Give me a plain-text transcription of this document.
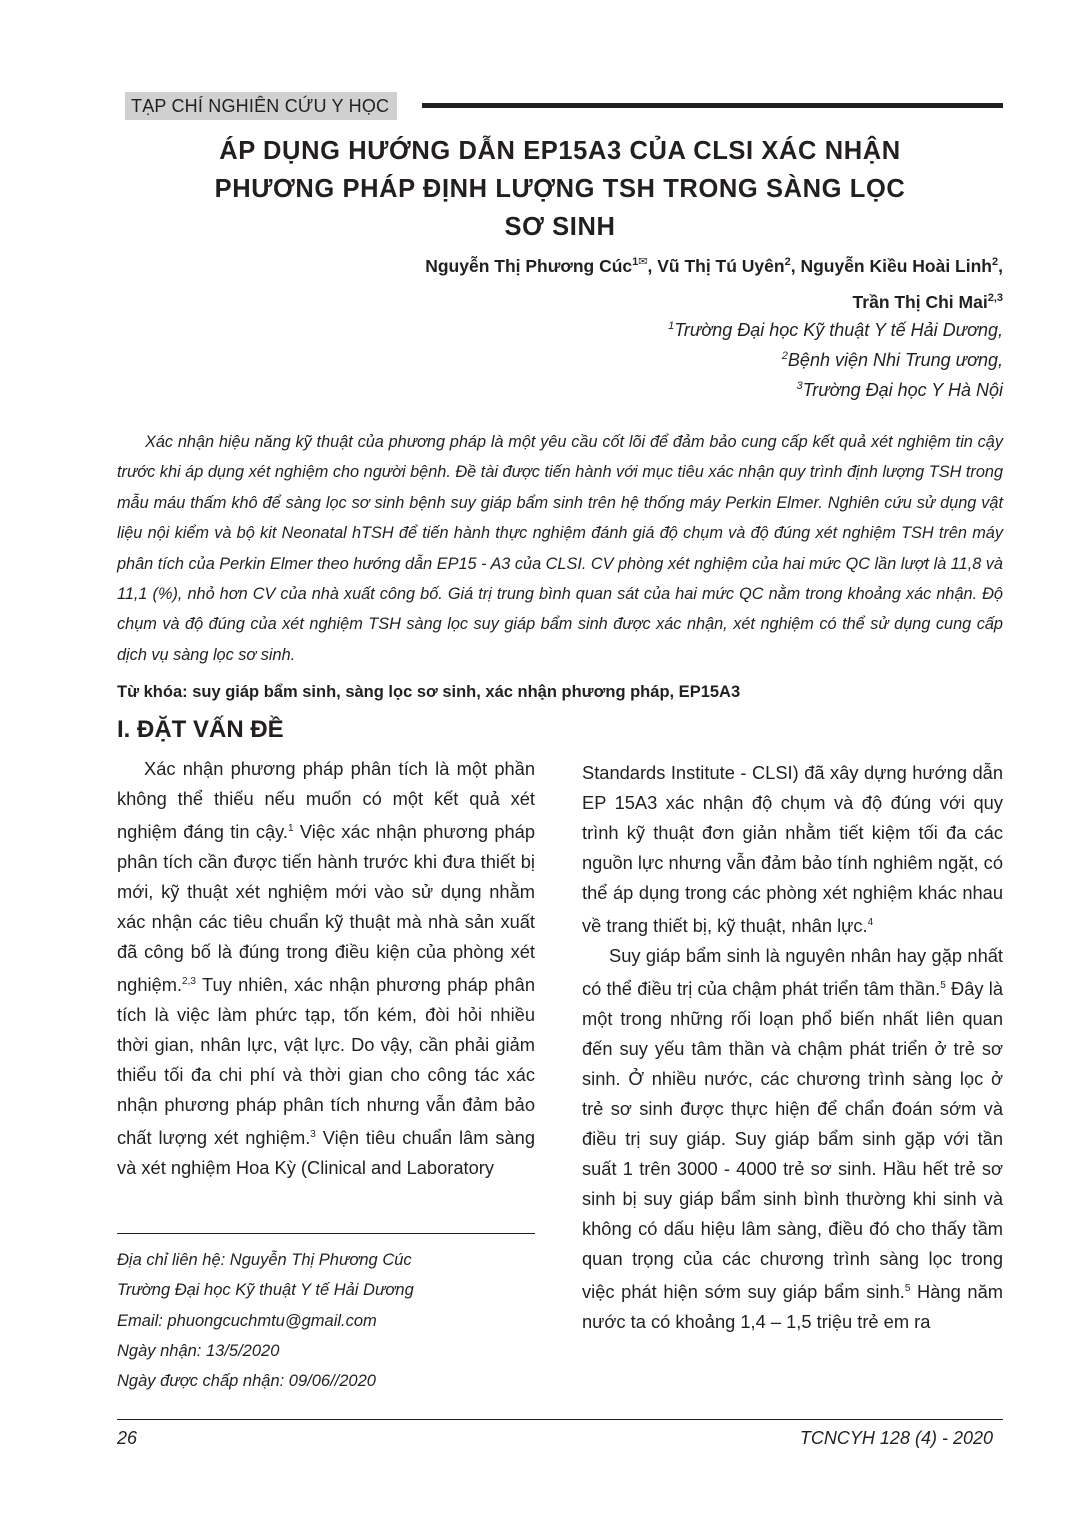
TẠP CHÍ NGHIÊN CỨU Y HỌC
ÁP DỤNG HƯỚNG DẪN EP15A3 CỦA CLSI XÁC NHẬN
PHƯƠNG PHÁP ĐỊNH LƯỢNG TSH TRONG SÀNG LỌC
SƠ SINH
Nguyễn Thị Phương Cúc$^{1✉}$, Vũ Thị Tú Uyên$^2$, Nguyễn Kiều Hoài Linh$^2$,
Trần Thị Chi Mai$^{2,3}$
$^1$Trường Đại học Kỹ thuật Y tế Hải Dương,
$^2$Bệnh viện Nhi Trung ương,
$^3$Trường Đại học Y Hà Nội
Xác nhận hiệu năng kỹ thuật của phương pháp là một yêu cầu cốt lõi để đảm bảo cung cấp kết quả xét nghiệm tin cậy trước khi áp dụng xét nghiệm cho người bệnh. Đề tài được tiến hành với mục tiêu xác nhận quy trình định lượng TSH trong mẫu máu thấm khô để sàng lọc sơ sinh bệnh suy giáp bẩm sinh trên hệ thống máy Perkin Elmer. Nghiên cứu sử dụng vật liệu nội kiểm và bộ kit Neonatal hTSH để tiến hành thực nghiệm đánh giá độ chụm và độ đúng xét nghiệm TSH trên máy phân tích của Perkin Elmer theo hướng dẫn EP15 - A3 của CLSI. CV phòng xét nghiệm của hai mức QC lần lượt là 11,8 và 11,1 (%), nhỏ hơn CV của nhà xuất công bố. Giá trị trung bình quan sát của hai mức QC nằm trong khoảng xác nhận. Độ chụm và độ đúng của xét nghiệm TSH sàng lọc suy giáp bẩm sinh được xác nhận, xét nghiệm có thể sử dụng cung cấp dịch vụ sàng lọc sơ sinh.
Từ khóa: suy giáp bẩm sinh, sàng lọc sơ sinh, xác nhận phương pháp, EP15A3
I. ĐẶT VẤN ĐỀ

Xác nhận phương pháp phân tích là một phần không thể thiếu nếu muốn có một kết quả xét nghiệm đáng tin cậy.$^1$ Việc xác nhận phương pháp phân tích cần được tiến hành trước khi đưa thiết bị mới, kỹ thuật xét nghiệm mới vào sử dụng nhằm xác nhận các tiêu chuẩn kỹ thuật mà nhà sản xuất đã công bố là đúng trong điều kiện của phòng xét nghiệm.$^{2,3}$ Tuy nhiên, xác nhận phương pháp phân tích là việc làm phức tạp, tốn kém, đòi hỏi nhiều thời gian, nhân lực, vật lực. Do vậy, cần phải giảm thiểu tối đa chi phí và thời gian cho công tác xác nhận phương pháp phân tích nhưng vẫn đảm bảo chất lượng xét nghiệm.$^3$ Viện tiêu chuẩn lâm sàng và xét nghiệm Hoa Kỳ (Clinical and Laboratory

Standards Institute - CLSI) đã xây dựng hướng dẫn EP 15A3 xác nhận độ chụm và độ đúng với quy trình kỹ thuật đơn giản nhằm tiết kiệm tối đa các nguồn lực nhưng vẫn đảm bảo tính nghiêm ngặt, có thể áp dụng trong các phòng xét nghiệm khác nhau về trang thiết bị, kỹ thuật, nhân lực.$^4$

Suy giáp bẩm sinh là nguyên nhân hay gặp nhất có thể điều trị của chậm phát triển tâm thần.$^5$ Đây là một trong những rối loạn phổ biến nhất liên quan đến suy yếu tâm thần và chậm phát triển ở trẻ sơ sinh. Ở nhiều nước, các chương trình sàng lọc ở trẻ sơ sinh được thực hiện để chẩn đoán sớm và điều trị suy giáp. Suy giáp bẩm sinh gặp với tần suất 1 trên 3000 - 4000 trẻ sơ sinh. Hầu hết trẻ sơ sinh bị suy giáp bẩm sinh bình thường khi sinh và không có dấu hiệu lâm sàng, điều đó cho thấy tầm quan trọng của các chương trình sàng lọc trong việc phát hiện sớm suy giáp bẩm sinh.$^5$ Hàng năm nước ta có khoảng 1,4 – 1,5 triệu trẻ em ra

Địa chỉ liên hệ: Nguyễn Thị Phương Cúc
Trường Đại học Kỹ thuật Y tế Hải Dương
Email: phuongcuchmtu@gmail.com
Ngày nhận: 13/5/2020
Ngày được chấp nhận: 09/06//2020
26	TCNCYH 128 (4) - 2020
